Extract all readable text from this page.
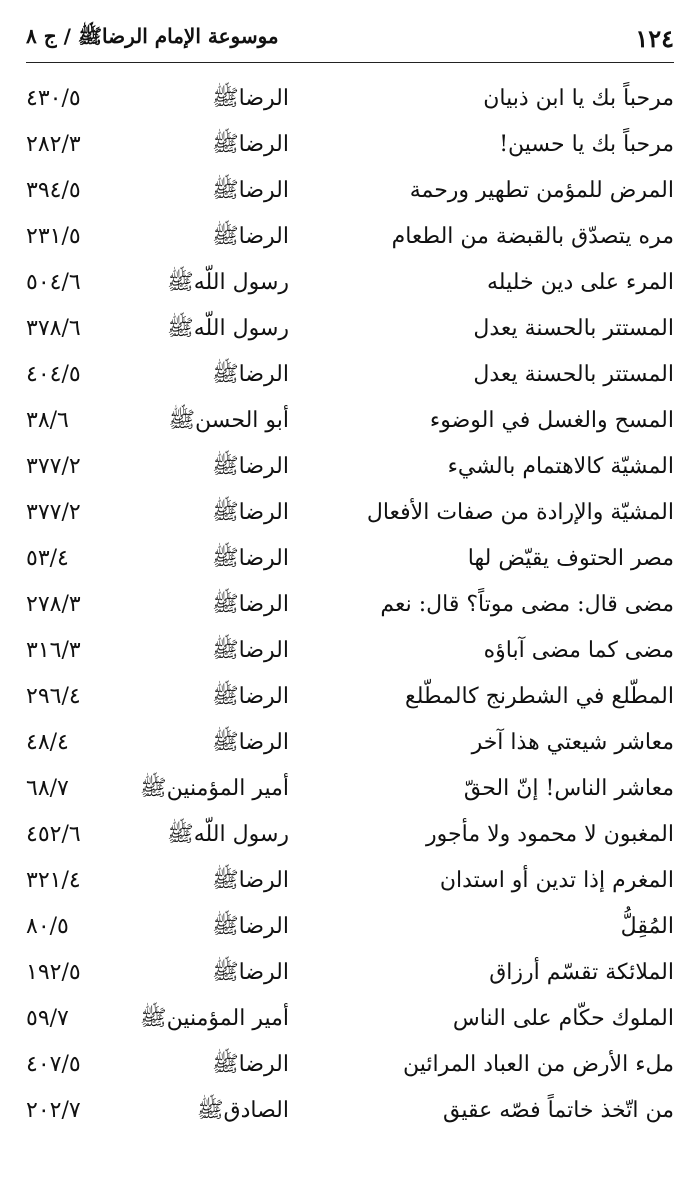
١٢٤
موسوعة الإمام الرضاﷺ / ج ٨
مرحباً بك يا ابن ذبيان
الرضاﷺ
٤٣٠/٥
مرحباً بك يا حسين!
الرضاﷺ
٢٨٢/٣
المرض للمؤمن تطهير ورحمة
الرضاﷺ
٣٩٤/٥
مره يتصدّق بالقبضة من الطعام
الرضاﷺ
٢٣١/٥
المرء على دين خليله
رسول اللّهﷺ
٥٠٤/٦
المستتر بالحسنة يعدل
رسول اللّهﷺ
٣٧٨/٦
المستتر بالحسنة يعدل
الرضاﷺ
٤٠٤/٥
المسح والغسل في الوضوء
أبو الحسنﷺ
٣٨/٦
المشيّة كالاهتمام بالشيء
الرضاﷺ
٣٧٧/٢
المشيّة والإرادة من صفات الأفعال
الرضاﷺ
٣٧٧/٢
مصر الحتوف يقيّض لها
الرضاﷺ
٥٣/٤
مضى قال: مضى موتاً؟ قال: نعم
الرضاﷺ
٢٧٨/٣
مضى كما مضى آباؤه
الرضاﷺ
٣١٦/٣
المطّلع في الشطرنج كالمطّلع
الرضاﷺ
٢٩٦/٤
معاشر شيعتي هذا آخر
الرضاﷺ
٤٨/٤
معاشر الناس! إنّ الحقّ
أمير المؤمنينﷺ
٦٨/٧
المغبون لا محمود ولا مأجور
رسول اللّهﷺ
٤٥٢/٦
المغرم إذا تدين أو استدان
الرضاﷺ
٣٢١/٤
المُقِلُّ
الرضاﷺ
٨٠/٥
الملائكة تقسّم أرزاق
الرضاﷺ
١٩٢/٥
الملوك حكّام على الناس
أمير المؤمنينﷺ
٥٩/٧
ملء الأرض من العباد المرائين
الرضاﷺ
٤٠٧/٥
من اتّخذ خاتماً فصّه عقيق
الصادقﷺ
٢٠٢/٧
